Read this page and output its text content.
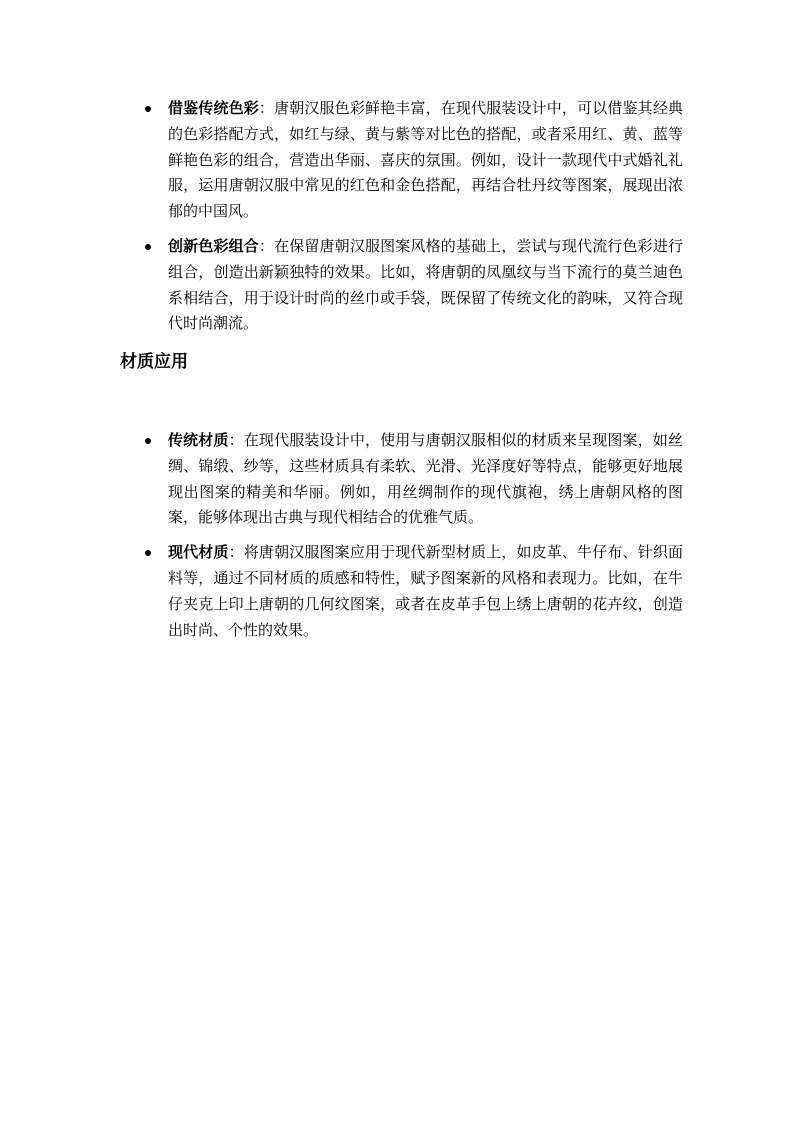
借鉴传统色彩：唐朝汉服色彩鲜艳丰富，在现代服装设计中，可以借鉴其经典的色彩搭配方式，如红与绿、黄与紫等对比色的搭配，或者采用红、黄、蓝等鲜艳色彩的组合，营造出华丽、喜庆的氛围。例如，设计一款现代中式婚礼礼服，运用唐朝汉服中常见的红色和金色搭配，再结合牡丹纹等图案，展现出浓郁的中国风。
创新色彩组合：在保留唐朝汉服图案风格的基础上，尝试与现代流行色彩进行组合，创造出新颖独特的效果。比如，将唐朝的凤凰纹与当下流行的莫兰迪色系相结合，用于设计时尚的丝巾或手袋，既保留了传统文化的韵味，又符合现代时尚潮流。
材质应用
传统材质：在现代服装设计中，使用与唐朝汉服相似的材质来呈现图案，如丝绸、锦缎、纱等，这些材质具有柔软、光滑、光泽度好等特点，能够更好地展现出图案的精美和华丽。例如，用丝绸制作的现代旗袍，绣上唐朝风格的图案，能够体现出古典与现代相结合的优雅气质。
现代材质：将唐朝汉服图案应用于现代新型材质上，如皮革、牛仔布、针织面料等，通过不同材质的质感和特性，赋予图案新的风格和表现力。比如，在牛仔夹克上印上唐朝的几何纹图案，或者在皮革手包上绣上唐朝的花卉纹，创造出时尚、个性的效果。
